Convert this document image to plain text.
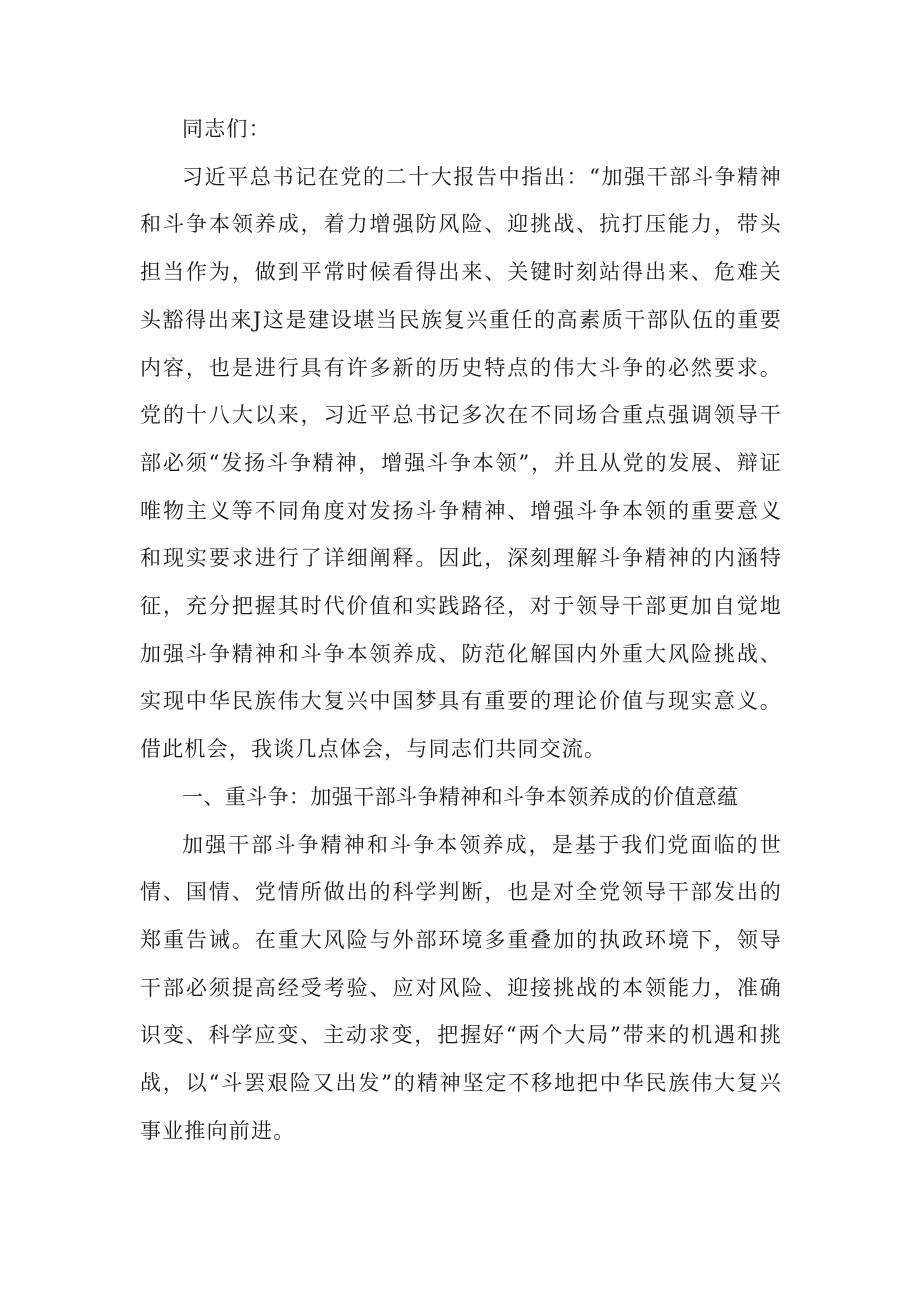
同志们：

习近平总书记在党的二十大报告中指出：“加强干部斗争精神和斗争本领养成，着力增强防风险、迎挑战、抗打压能力，带头担当作为，做到平常时候看得出来、关键时刻站得出来、危难关头豁得出来J这是建设堪当民族复兴重任的高素质干部队伍的重要内容，也是进行具有许多新的历史特点的伟大斗争的必然要求。党的十八大以来，习近平总书记多次在不同场合重点强调领导干部必须“发扬斗争精神，增强斗争本领”，并且从党的发展、辩证唯物主义等不同角度对发扬斗争精神、增强斗争本领的重要意义和现实要求进行了详细阐释。因此，深刻理解斗争精神的内涵特征，充分把握其时代价值和实践路径，对于领导干部更加自觉地加强斗争精神和斗争本领养成、防范化解国内外重大风险挑战、实现中华民族伟大复兴中国梦具有重要的理论价值与现实意义。借此机会，我谈几点体会，与同志们共同交流。

一、重斗争：加强干部斗争精神和斗争本领养成的价值意蕴

加强干部斗争精神和斗争本领养成，是基于我们党面临的世情、国情、党情所做出的科学判断，也是对全党领导干部发出的郑重告诫。在重大风险与外部环境多重叠加的执政环境下，领导干部必须提高经受考验、应对风险、迎接挑战的本领能力，准确识变、科学应变、主动求变，把握好“两个大局”带来的机遇和挑战，以“斗罢艰险又出发”的精神坚定不移地把中华民族伟大复兴事业推向前进。
